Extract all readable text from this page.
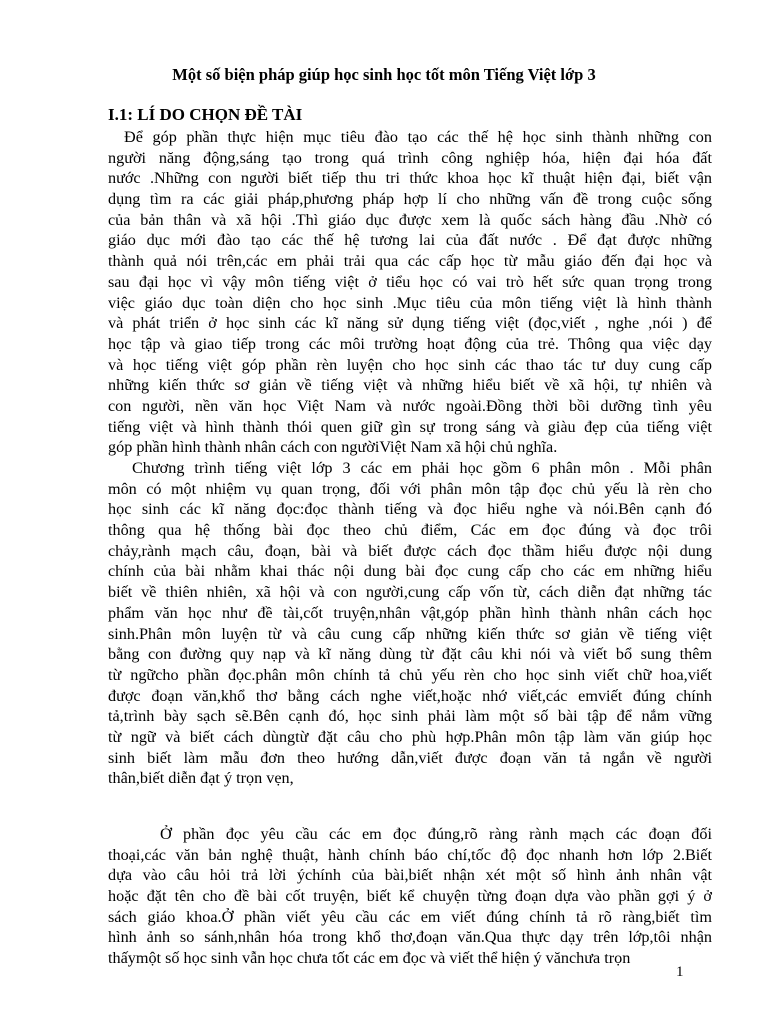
Một số biện pháp giúp học sinh học tốt môn Tiếng Việt lớp 3
I.1: LÍ DO CHỌN ĐỀ TÀI
Để góp phần thực hiện mục tiêu đào tạo các thế hệ học sinh thành những con
người năng động,sáng tạo trong quá trình công nghiệp hóa, hiện đại hóa đất
nước .Những con người biết tiếp thu tri thức khoa học kĩ thuật hiện đại, biết vận
dụng tìm ra các giải pháp,phương pháp hợp lí cho những vấn đề trong cuộc sống
của bản thân và xã hội .Thì giáo dục được xem là quốc sách hàng đầu .Nhờ có
giáo dục mới đào tạo các thế hệ tương lai của đất nước . Để đạt được những
thành quả nói trên,các em phải trải qua các cấp học từ mẫu giáo đến đại học và
sau đại học vì vậy môn tiếng việt ở tiểu học có vai trò hết sức quan trọng trong
việc giáo dục toàn diện cho học sinh .Mục tiêu của môn tiếng việt là hình thành
và phát triển ở học sinh các kĩ năng sử dụng tiếng việt (đọc,viết , nghe ,nói ) để
học tập và giao tiếp trong các môi trường hoạt động của trẻ. Thông qua việc dạy
và học tiếng việt góp phần rèn luyện cho học sinh các thao tác tư duy cung cấp
những kiến thức sơ giản về tiếng việt và những hiểu biết về xã hội, tự nhiên và
con người, nền văn học Việt Nam và nước ngoài.Đồng thời bồi dưỡng tình yêu
tiếng việt và hình thành thói quen giữ gìn sự trong sáng và giàu đẹp của tiếng việt
góp phần hình thành nhân cách con ngườiViệt Nam xã hội chủ nghĩa.
Chương trình tiếng việt lớp 3 các em phải học gồm 6 phân môn . Mỗi phân
môn có một nhiệm vụ quan trọng, đối với phân môn tập đọc chủ yếu là rèn cho
học sinh các kĩ năng đọc:đọc thành tiếng và đọc hiểu nghe và nói.Bên cạnh đó
thông qua hệ thống bài đọc theo chủ điểm, Các em đọc đúng và đọc trôi
chảy,rành mạch câu, đoạn, bài và biết được cách đọc thầm hiểu được nội dung
chính của bài nhằm khai thác nội dung bài đọc cung cấp cho các em những hiểu
biết về thiên nhiên, xã hội và con người,cung cấp vốn từ, cách diễn đạt những tác
phẩm văn học như đề tài,cốt truyện,nhân vật,góp phần hình thành nhân cách học
sinh.Phân môn luyện từ và câu cung cấp những kiến thức sơ giản về tiếng việt
bằng con đường quy nạp và kĩ năng dùng từ đặt câu khi nói và viết bổ sung thêm
từ ngữcho phần đọc.phân môn chính tả chủ yếu rèn cho học sinh viết chữ hoa,viết
được đoạn văn,khổ thơ bằng cách nghe viết,hoặc nhớ viết,các emviết đúng chính
tả,trình bày sạch sẽ.Bên cạnh đó, học sinh phải làm một số bài tập để nắm vững
từ ngữ và biết cách dùngtừ đặt câu cho phù hợp.Phân môn tập làm văn giúp học
sinh biết làm mẫu đơn theo hướng dẫn,viết được đoạn văn tả ngắn về người
thân,biết diễn đạt ý trọn vẹn,
Ở phần đọc yêu cầu các em đọc đúng,rõ ràng rành mạch các đoạn đối
thoại,các văn bản nghệ thuật, hành chính báo chí,tốc độ đọc nhanh hơn lớp 2.Biết
dựa vào câu hỏi trả lời ýchính của bài,biết nhận xét một số hình ảnh nhân vật
hoặc đặt tên cho đề bài cốt truyện, biết kể chuyện từng đoạn dựa vào phần gợi ý ở
sách giáo khoa.Ở phần viết yêu cầu các em viết đúng chính tả rõ ràng,biết tìm
hình ảnh so sánh,nhân hóa trong khổ thơ,đoạn văn.Qua thực dạy trên lớp,tôi nhận
thấymột số học sinh vẫn học chưa tốt các em đọc và viết thể hiện ý vănchưa trọn
1
